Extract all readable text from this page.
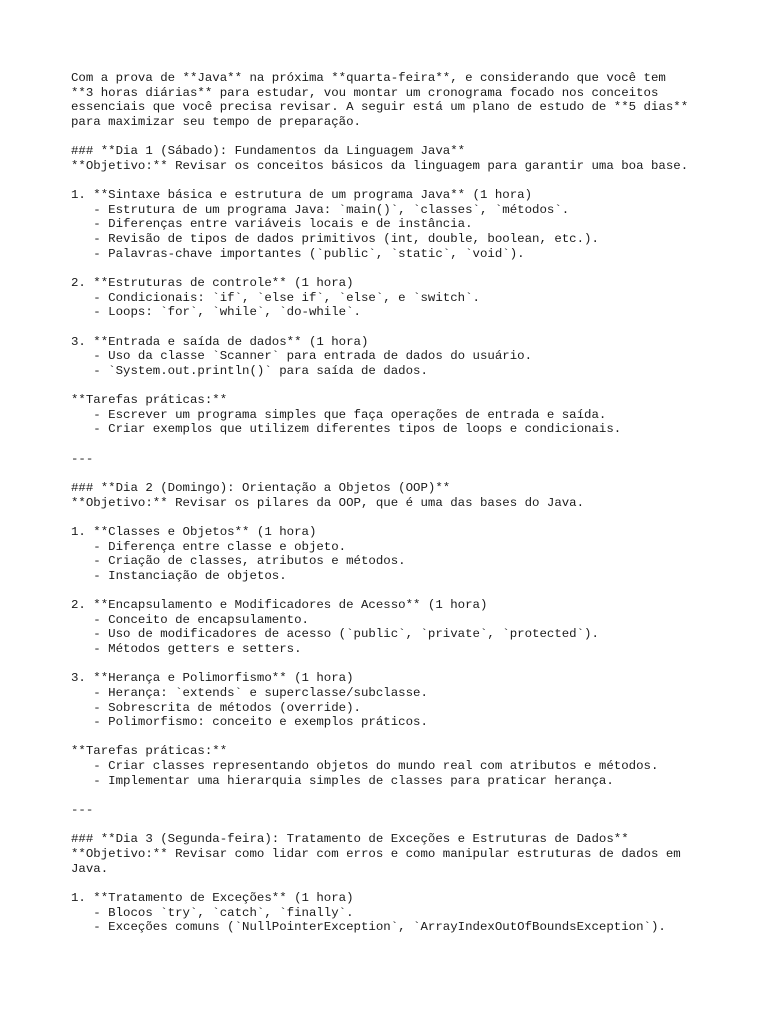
Com a prova de **Java** na próxima **quarta-feira**, e considerando que você tem
**3 horas diárias** para estudar, vou montar um cronograma focado nos conceitos
essenciais que você precisa revisar. A seguir está um plano de estudo de **5 dias**
para maximizar seu tempo de preparação.

### **Dia 1 (Sábado): Fundamentos da Linguagem Java**
**Objetivo:** Revisar os conceitos básicos da linguagem para garantir uma boa base.

1. **Sintaxe básica e estrutura de um programa Java** (1 hora)
- Estrutura de um programa Java: `main()`, `classes`, `métodos`.
- Diferenças entre variáveis locais e de instância.
- Revisão de tipos de dados primitivos (int, double, boolean, etc.).
- Palavras-chave importantes (`public`, `static`, `void`).

2. **Estruturas de controle** (1 hora)
- Condicionais: `if`, `else if`, `else`, e `switch`.
- Loops: `for`, `while`, `do-while`.

3. **Entrada e saída de dados** (1 hora)
- Uso da classe `Scanner` para entrada de dados do usuário.
- `System.out.println()` para saída de dados.

**Tarefas práticas:**
- Escrever um programa simples que faça operações de entrada e saída.
- Criar exemplos que utilizem diferentes tipos de loops e condicionais.

---

### **Dia 2 (Domingo): Orientação a Objetos (OOP)**
**Objetivo:** Revisar os pilares da OOP, que é uma das bases do Java.

1. **Classes e Objetos** (1 hora)
- Diferença entre classe e objeto.
- Criação de classes, atributos e métodos.
- Instanciação de objetos.

2. **Encapsulamento e Modificadores de Acesso** (1 hora)
- Conceito de encapsulamento.
- Uso de modificadores de acesso (`public`, `private`, `protected`).
- Métodos getters e setters.

3. **Herança e Polimorfismo** (1 hora)
- Herança: `extends` e superclasse/subclasse.
- Sobrescrita de métodos (override).
- Polimorfismo: conceito e exemplos práticos.

**Tarefas práticas:**
- Criar classes representando objetos do mundo real com atributos e métodos.
- Implementar uma hierarquia simples de classes para praticar herança.

---

### **Dia 3 (Segunda-feira): Tratamento de Exceções e Estruturas de Dados**
**Objetivo:** Revisar como lidar com erros e como manipular estruturas de dados em
Java.

1. **Tratamento de Exceções** (1 hora)
- Blocos `try`, `catch`, `finally`.
- Exceções comuns (`NullPointerException`, `ArrayIndexOutOfBoundsException`).
